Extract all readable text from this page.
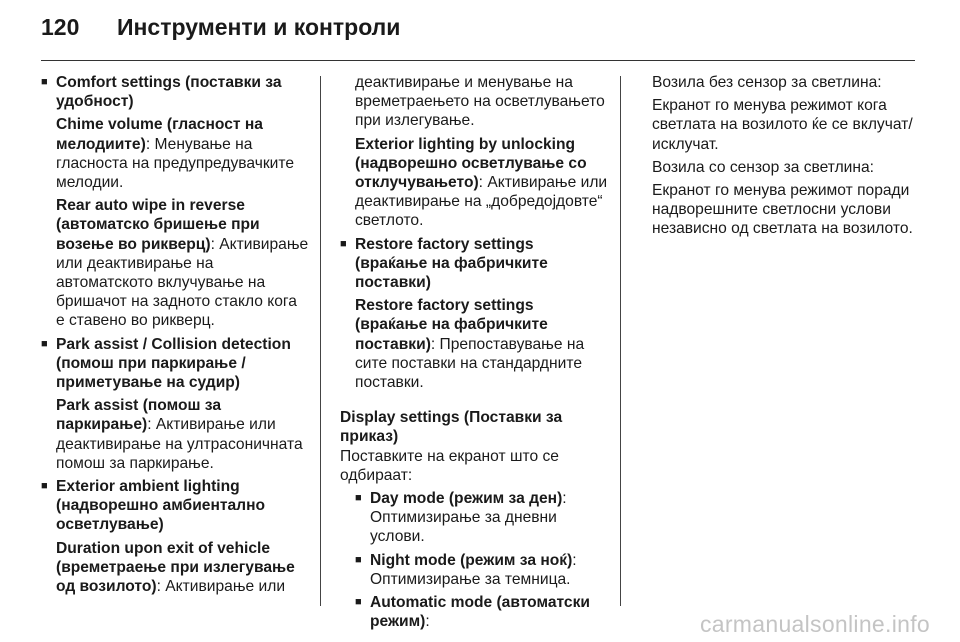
120 Инструменти и контроли
■ Comfort settings (поставки за удобност)

Chime volume (гласност на мелодиите): Менување на гласноста на предупредувачките мелодии.

Rear auto wipe in reverse (автоматско бришење при возење во рикверц): Активирање или деактивирање на автоматското вклучување на бришачот на задното стакло кога е ставено во рикверц.

■ Park assist / Collision detection (помош при паркирање / приметување на судир)

Park assist (помош за паркирање): Активирање или деактивирање на ултрасоничната помош за паркирање.

■ Exterior ambient lighting (надворешно амбиентално осветлување)

Duration upon exit of vehicle (времетраење при излегување од возилото): Активирање или

деактивирање и менување на времетраењето на осветлувањето при излегување.

Exterior lighting by unlocking (надворешно осветлување со отклучувањето): Активирање или деактивирање на „добредојдовте“ светлото.

■ Restore factory settings (враќање на фабричките поставки)

Restore factory settings (враќање на фабричките поставки): Препоставување на сите поставки на стандардните поставки.

Display settings (Поставки за приказ)

Поставките на екранот што се одбираат:

■ Day mode (режим за ден): Оптимизирање за дневни услови.

■ Night mode (режим за ноќ): Оптимизирање за темница.

■ Automatic mode (автоматски режим):

Возила без сензор за светлина:

Екранот го менува режимот кога светлата на возилото ќе се вклучат/исклучат.

Возила со сензор за светлина:

Екранот го менува режимот поради надворешните светлосни услови независно од светлата на возилото.

carmanualsonline.info
